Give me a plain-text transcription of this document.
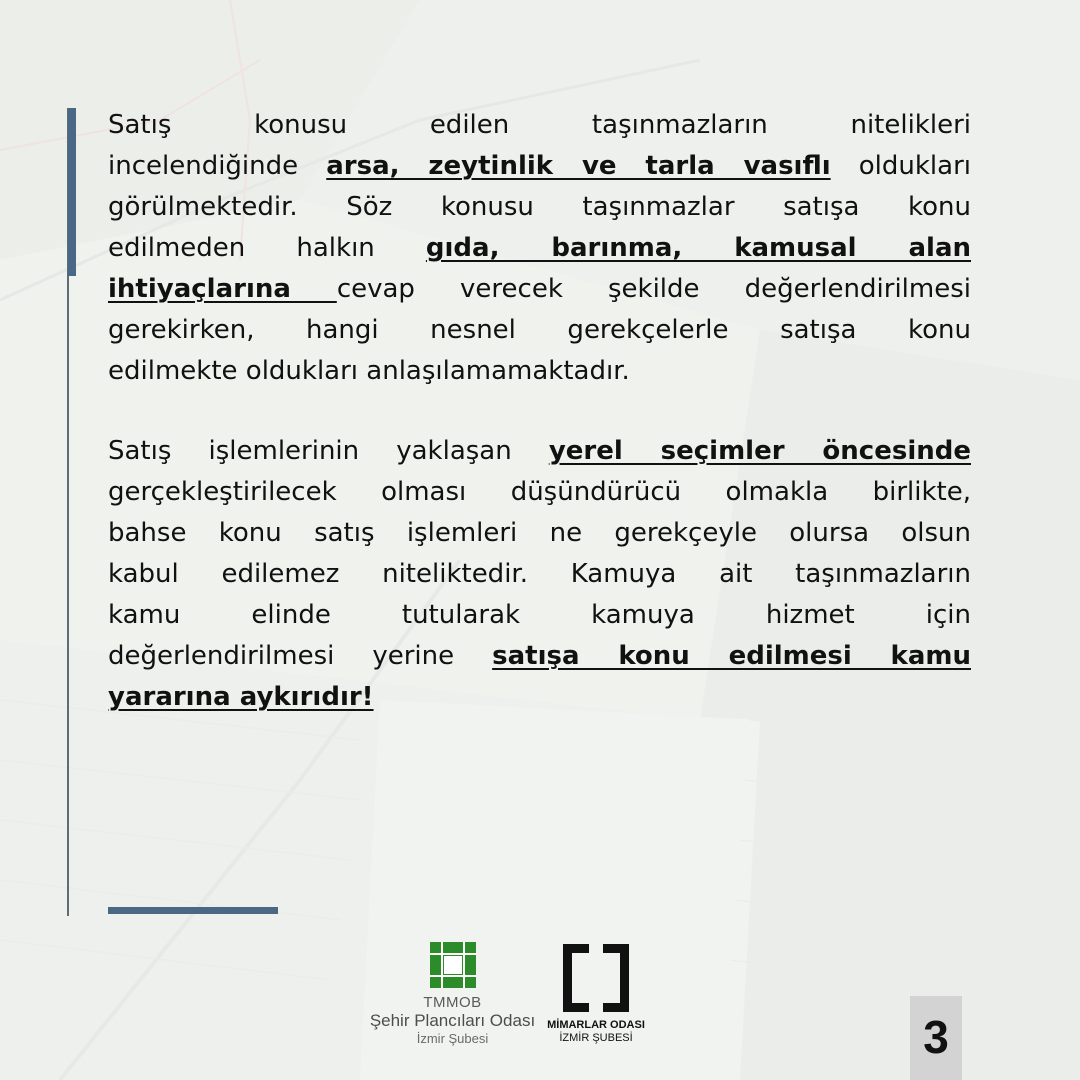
Satış konusu edilen taşınmazların nitelikleri
incelendiğinde arsa, zeytinlik ve tarla vasıflı oldukları
görülmektedir. Söz konusu taşınmazlar satışa konu
edilmeden halkın gıda, barınma, kamusal alan
ihtiyaçlarına cevap verecek şekilde değerlendirilmesi
gerekirken, hangi nesnel gerekçelerle satışa konu
edilmekte oldukları anlaşılamamaktadır.
Satış işlemlerinin yaklaşan yerel seçimler öncesinde
gerçekleştirilecek olması düşündürücü olmakla birlikte,
bahse konu satış işlemleri ne gerekçeyle olursa olsun
kabul edilemez niteliktedir. Kamuya ait taşınmazların
kamu elinde tutularak kamuya hizmet için
değerlendirilmesi yerine satışa konu edilmesi kamu
yararına aykırıdır!
TMMOB
Şehir Plancıları Odası
İzmir Şubesi
MİMARLAR ODASI
İZMİR ŞUBESİ	3
